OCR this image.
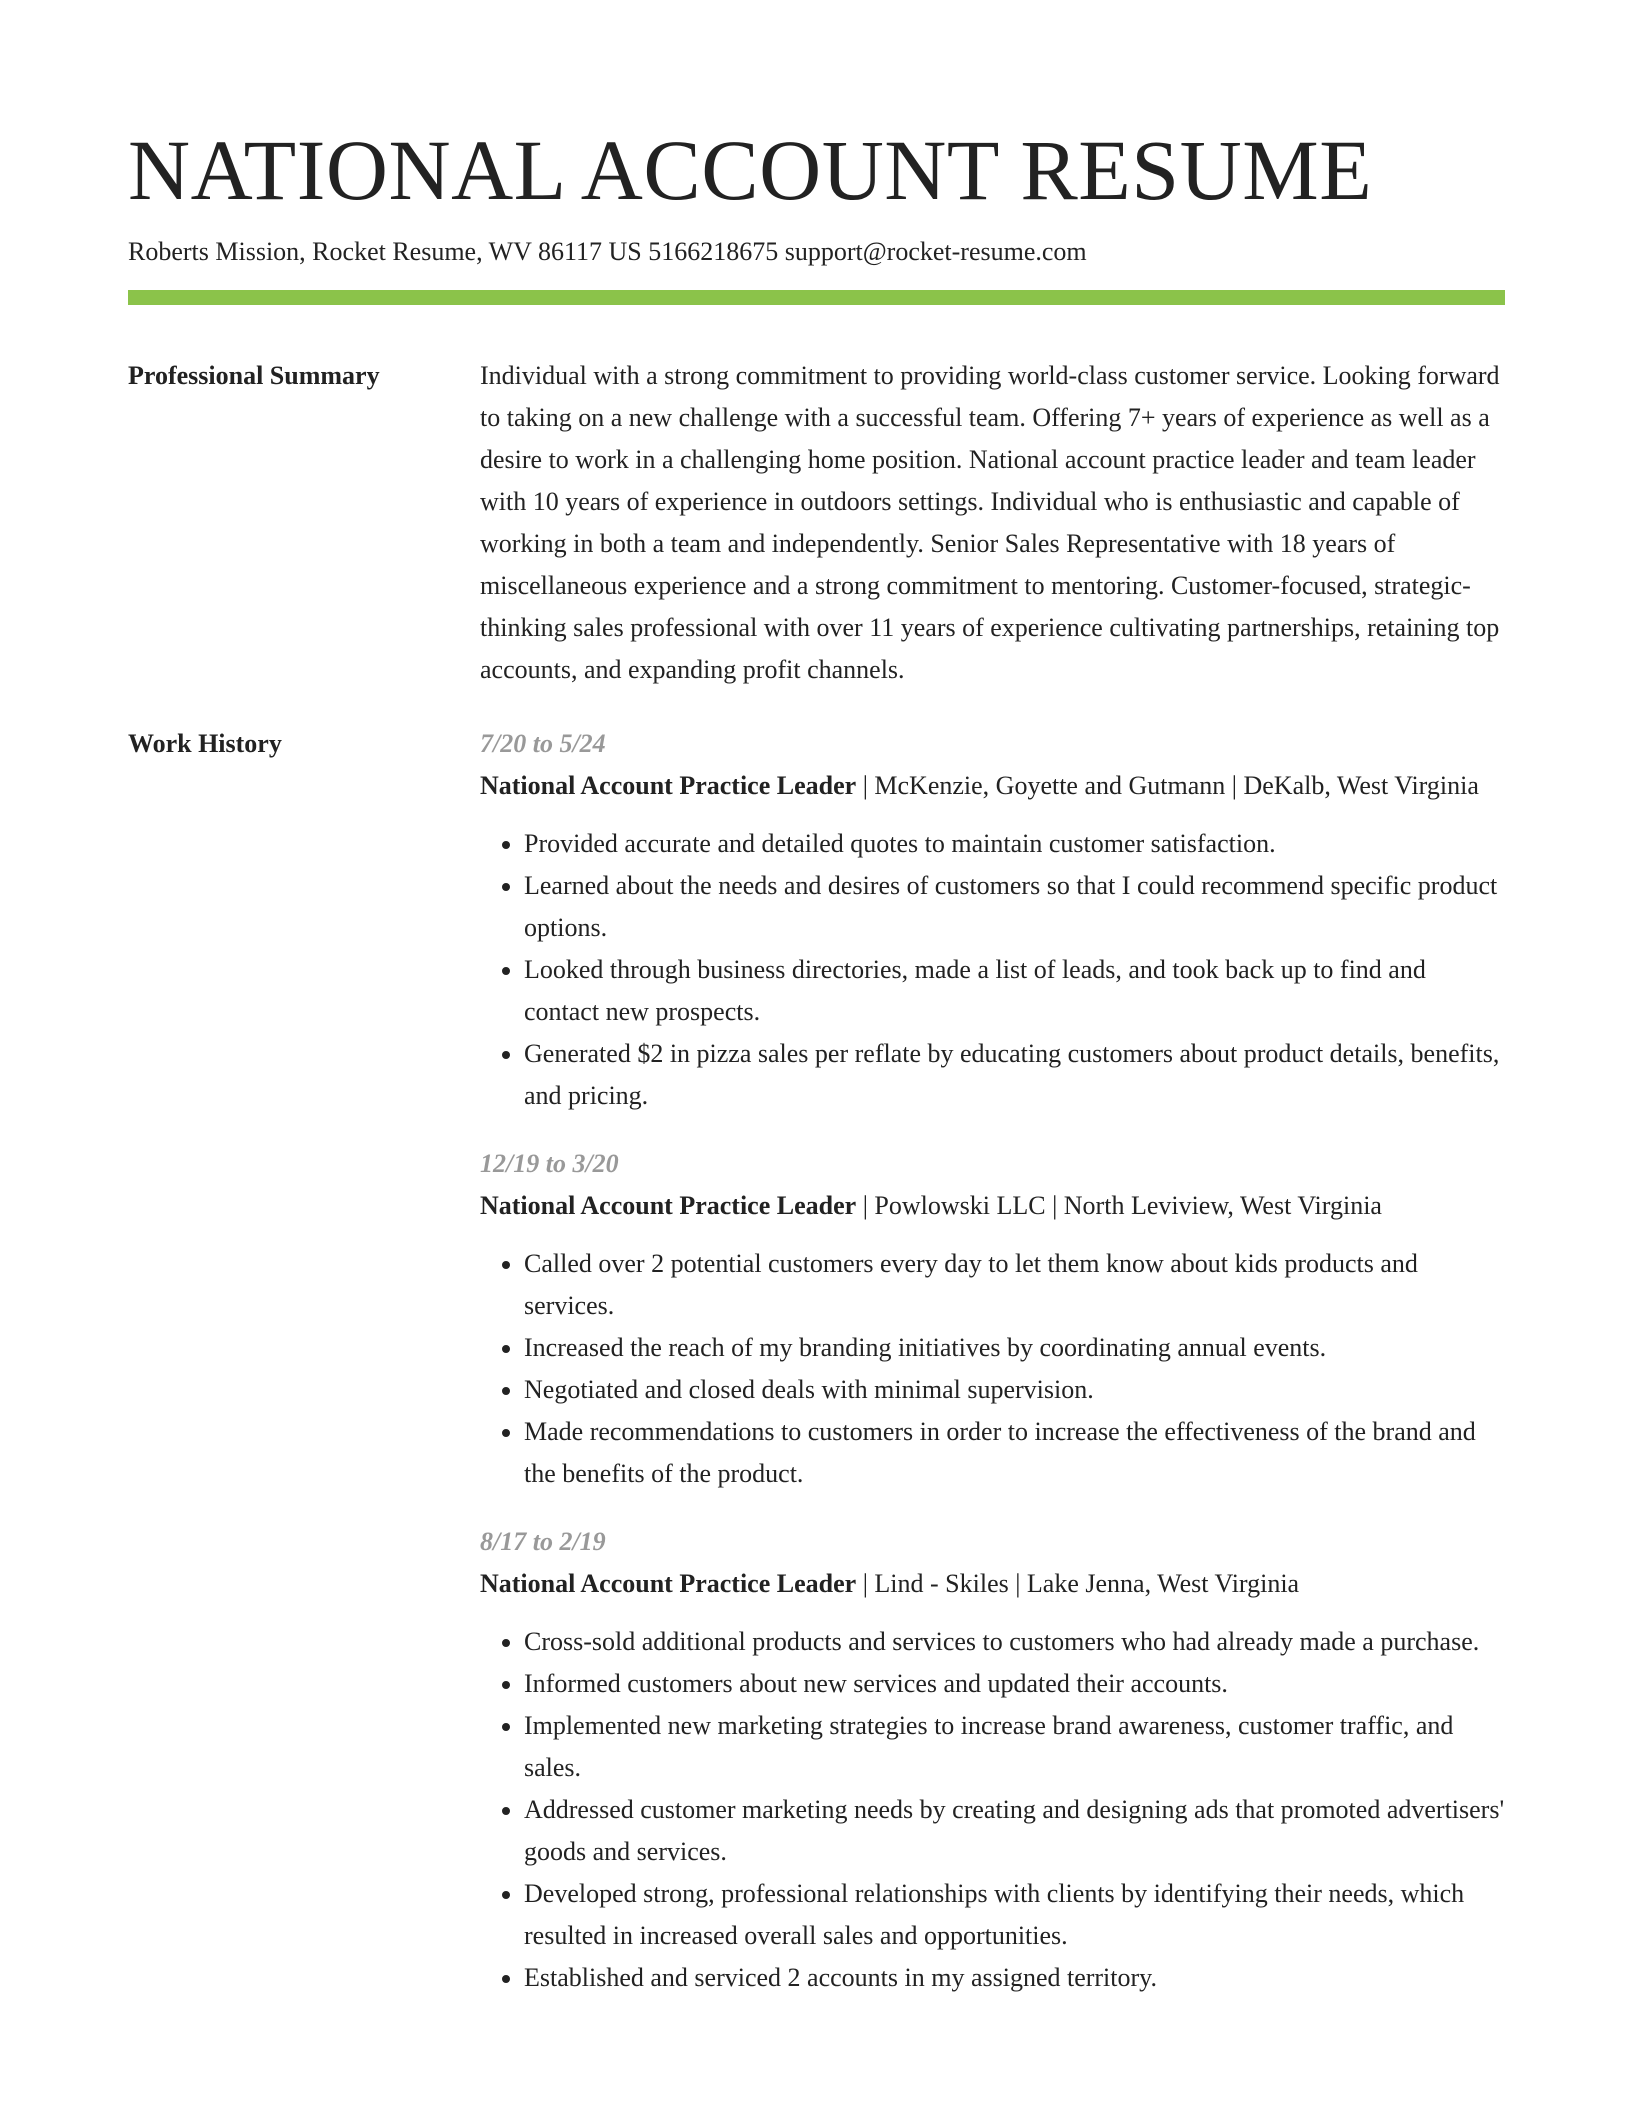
NATIONAL ACCOUNT RESUME
Roberts Mission, Rocket Resume, WV 86117 US 5166218675 support@rocket-resume.com
Professional Summary	Individual with a strong commitment to providing world-class customer service. Looking forward to taking on a new challenge with a successful team. Offering 7+ years of experience as well as a desire to work in a challenging home position. National account practice leader and team leader with 10 years of experience in outdoors settings. Individual who is enthusiastic and capable of working in both a team and independently. Senior Sales Representative with 18 years of miscellaneous experience and a strong commitment to mentoring. Customer-focused, strategic-thinking sales professional with over 11 years of experience cultivating partnerships, retaining top accounts, and expanding profit channels.

Work History	7/20 to 5/24
National Account Practice Leader | McKenzie, Goyette and Gutmann | DeKalb, West Virginia
• Provided accurate and detailed quotes to maintain customer satisfaction.
• Learned about the needs and desires of customers so that I could recommend specific product options.
• Looked through business directories, made a list of leads, and took back up to find and contact new prospects.
• Generated $2 in pizza sales per reflate by educating customers about product details, benefits, and pricing.
12/19 to 3/20
National Account Practice Leader | Powlowski LLC | North Leviview, West Virginia
• Called over 2 potential customers every day to let them know about kids products and services.
• Increased the reach of my branding initiatives by coordinating annual events.
• Negotiated and closed deals with minimal supervision.
• Made recommendations to customers in order to increase the effectiveness of the brand and the benefits of the product.
8/17 to 2/19
National Account Practice Leader | Lind - Skiles | Lake Jenna, West Virginia
• Cross-sold additional products and services to customers who had already made a purchase.
• Informed customers about new services and updated their accounts.
• Implemented new marketing strategies to increase brand awareness, customer traffic, and sales.
• Addressed customer marketing needs by creating and designing ads that promoted advertisers' goods and services.
• Developed strong, professional relationships with clients by identifying their needs, which resulted in increased overall sales and opportunities.
• Established and serviced 2 accounts in my assigned territory.
